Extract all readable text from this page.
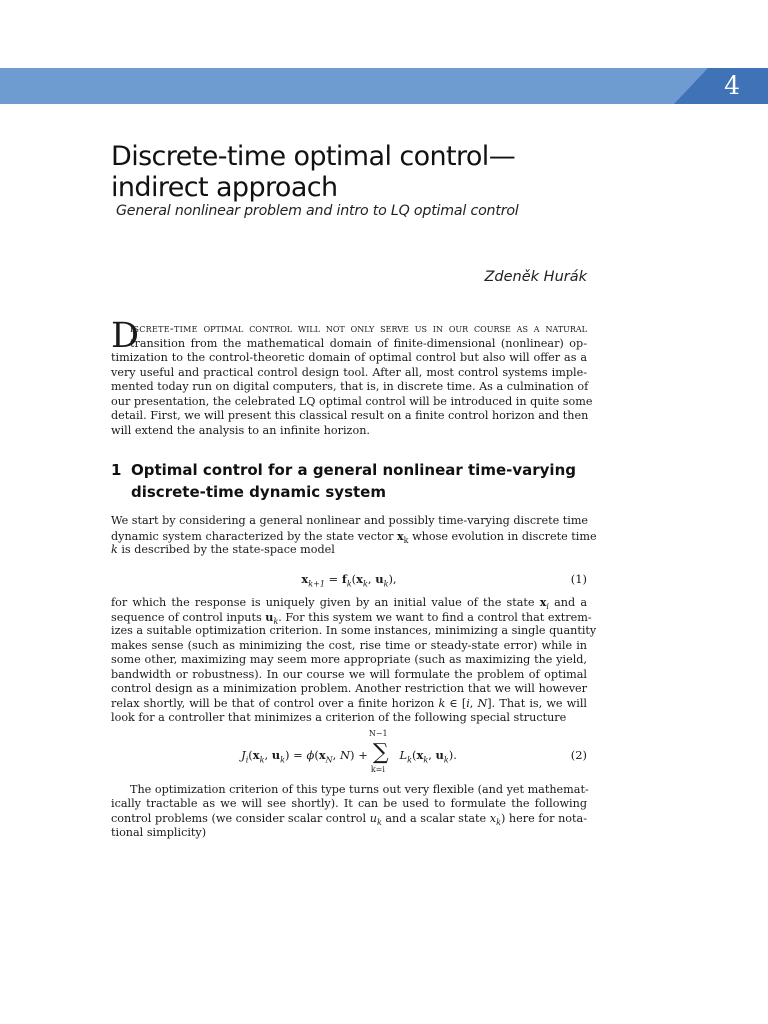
4
Discrete-time optimal control—
indirect approach
General nonlinear problem and intro to LQ optimal control
Zdeněk Hurák
D
iscrete-time optimal control will not only serve us in our course as a natural
transition from the mathematical domain of finite-dimensional (nonlinear) op-
timization to the control-theoretic domain of optimal control but also will offer as a
very useful and practical control design tool. After all, most control systems imple-
mented today run on digital computers, that is, in discrete time. As a culmination of
our presentation, the celebrated LQ optimal control will be introduced in quite some
detail. First, we will present this classical result on a finite control horizon and then
will extend the analysis to an infinite horizon.
1 Optimal control for a general nonlinear time-varying
discrete-time dynamic system
We start by considering a general nonlinear and possibly time-varying discrete time
dynamic system characterized by the state vector $x_k$ whose evolution in discrete time
k is described by the state-space model
$x_{k+1} = f_k(x_k$, $u_k$),	(1)
for which the response is uniquely given by an initial value of the state $x_i$ and a
sequence of control inputs $u_k$. For this system we want to find a control that extrem-
izes a suitable optimization criterion. In some instances, minimizing a single quantity
makes sense (such as minimizing the cost, rise time or steady-state error) while in
some other, maximizing may seem more appropriate (such as maximizing the yield,
bandwidth or robustness). In our course we will formulate the problem of optimal
control design as a minimization problem. Another restriction that we will however
relax shortly, will be that of control over a finite horizon k ∈ [i, N]. That is, we will
look for a controller that minimizes a criterion of the following special structure
$J_i(x_k$, $u_k) = \phi(x_N$, N) +
N−1
∑
k=i
$L_k(x_k$, $u_k$).	(2)
The optimization criterion of this type turns out very flexible (and yet mathemat-
ically tractable as we will see shortly). It can be used to formulate the following
control problems (we consider scalar control $u_k$ and a scalar state $x_k$) here for nota-
tional simplicity)
